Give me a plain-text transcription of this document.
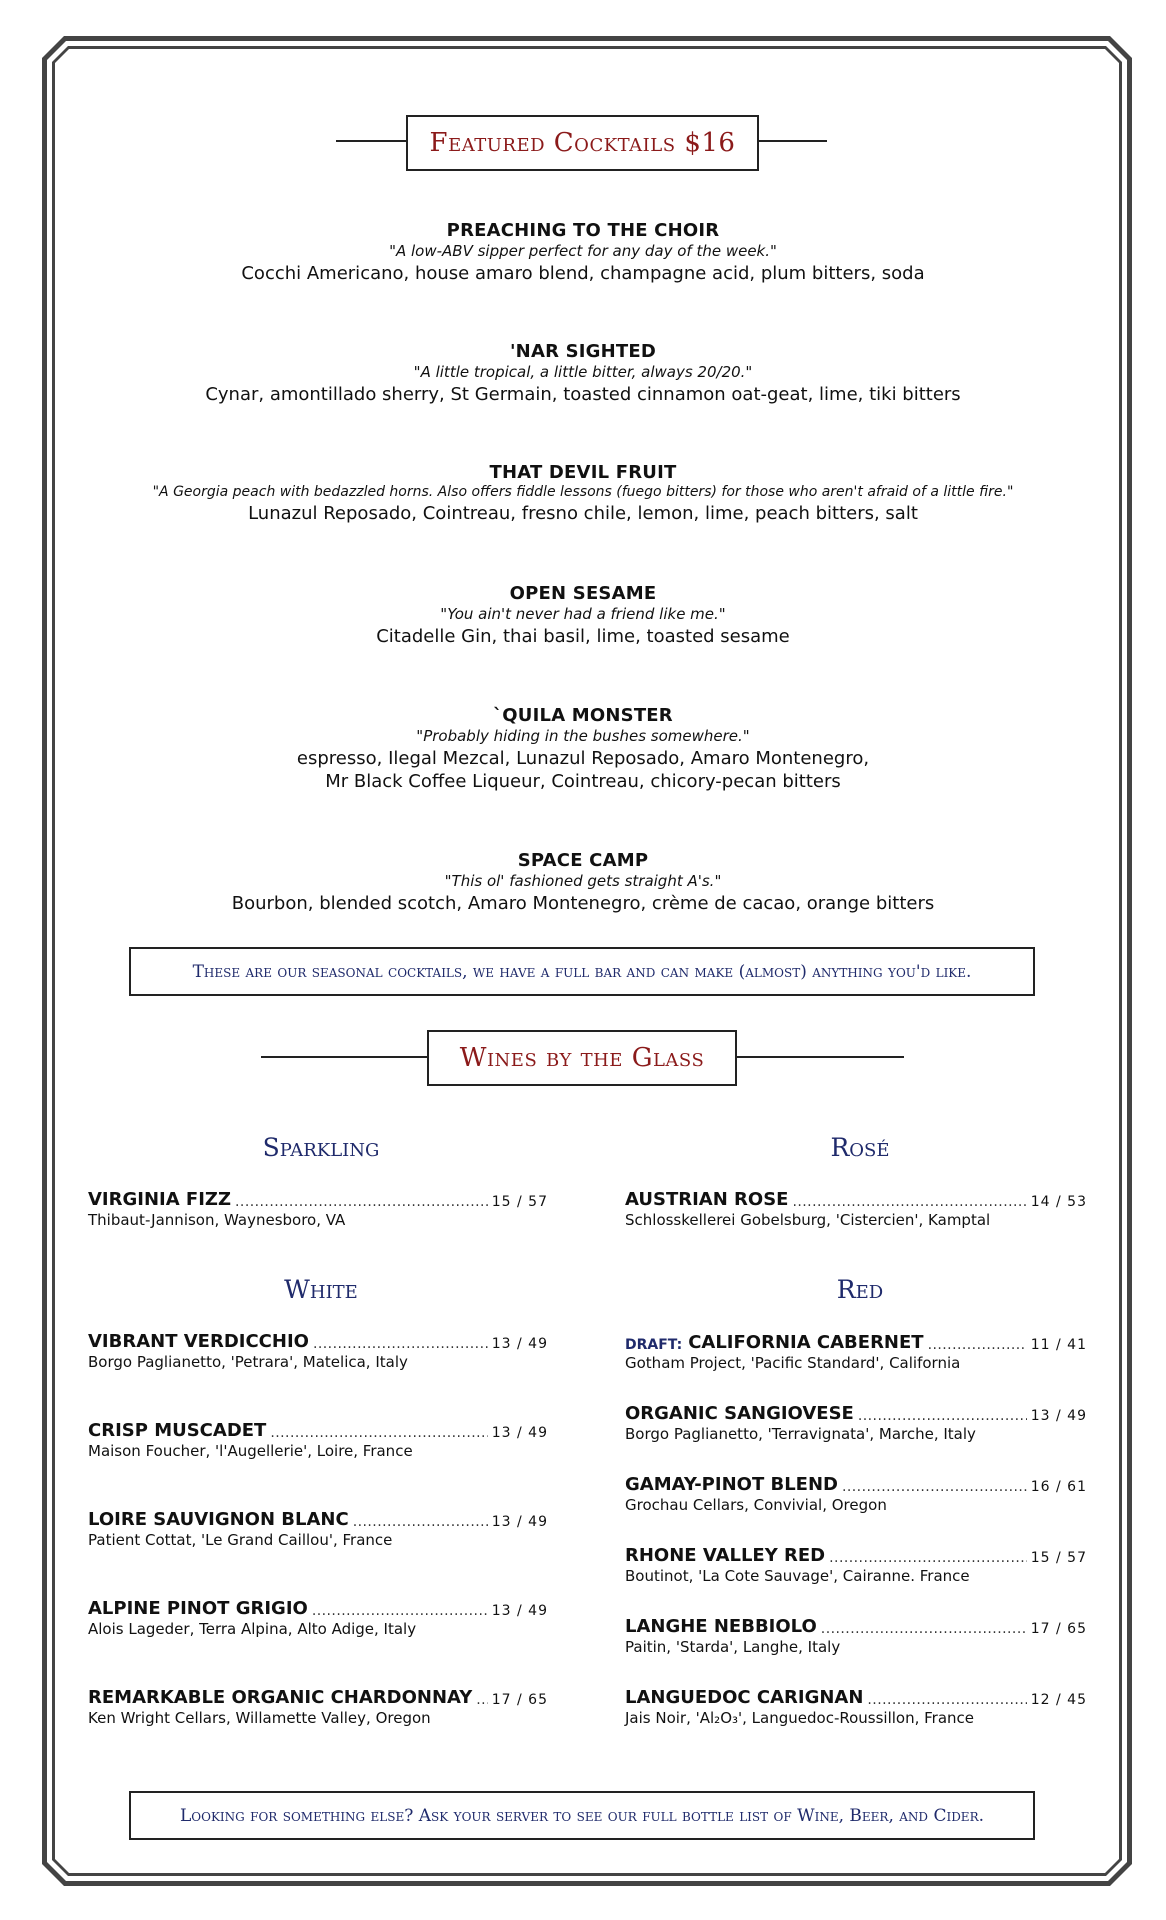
Featured Cocktails $16
PREACHING TO THE CHOIR
"A low-ABV sipper perfect for any day of the week."
Cocchi Americano, house amaro blend, champagne acid, plum bitters, soda
'NAR SIGHTED
"A little tropical, a little bitter, always 20/20."
Cynar, amontillado sherry, St Germain, toasted cinnamon oat-geat, lime, tiki bitters
THAT DEVIL FRUIT
"A Georgia peach with bedazzled horns. Also offers fiddle lessons (fuego bitters) for those who aren't afraid of a little fire."
Lunazul Reposado, Cointreau, fresno chile, lemon, lime, peach bitters, salt
OPEN SESAME
"You ain't never had a friend like me."
Citadelle Gin, thai basil, lime, toasted sesame
`QUILA MONSTER
"Probably hiding in the bushes somewhere."
espresso, Ilegal Mezcal, Lunazul Reposado, Amaro Montenegro,
Mr Black Coffee Liqueur, Cointreau, chicory-pecan bitters
SPACE CAMP
"This ol' fashioned gets straight A's."
Bourbon, blended scotch, Amaro Montenegro, crème de cacao, orange bitters
These are our seasonal cocktails, we have a full bar and can make (almost) anything you'd like.
Wines by the Glass
Sparkling	Rosé
White	Red
VIRGINIA FIZZ . . .	15 / 57
Thibaut-Jannison, Waynesboro, VA
VIBRANT VERDICCHIO . . .	13 / 49
Borgo Paglianetto, 'Petrara', Matelica, Italy
CRISP MUSCADET . . .	13 / 49
Maison Foucher, 'l'Augellerie', Loire, France
LOIRE SAUVIGNON BLANC . . .	13 / 49
Patient Cottat, 'Le Grand Caillou', France
ALPINE PINOT GRIGIO . . .	13 / 49
Alois Lageder, Terra Alpina, Alto Adige, Italy
REMARKABLE ORGANIC CHARDONNAY . . . 17 / 65
Ken Wright Cellars, Willamette Valley, Oregon
AUSTRIAN ROSE . . .	14 / 53
Schlosskellerei Gobelsburg, 'Cistercien', Kamptal
DRAFT: CALIFORNIA CABERNET . . .	11 / 41
Gotham Project, 'Pacific Standard', California
ORGANIC SANGIOVESE . . .	13 / 49
Borgo Paglianetto, 'Terravignata', Marche, Italy
GAMAY-PINOT BLEND . . .	16 / 61
Grochau Cellars, Convivial, Oregon
RHONE VALLEY RED . . .	15 / 57
Boutinot, 'La Cote Sauvage', Cairanne. France
LANGHE NEBBIOLO . . .	17 / 65
Paitin, 'Starda', Langhe, Italy
LANGUEDOC CARIGNAN . . .	12 / 45
Jais Noir, 'Al₂O₃', Languedoc-Roussillon, France
Looking for something else? Ask your server to see our full bottle list of Wine, Beer, and Cider.
